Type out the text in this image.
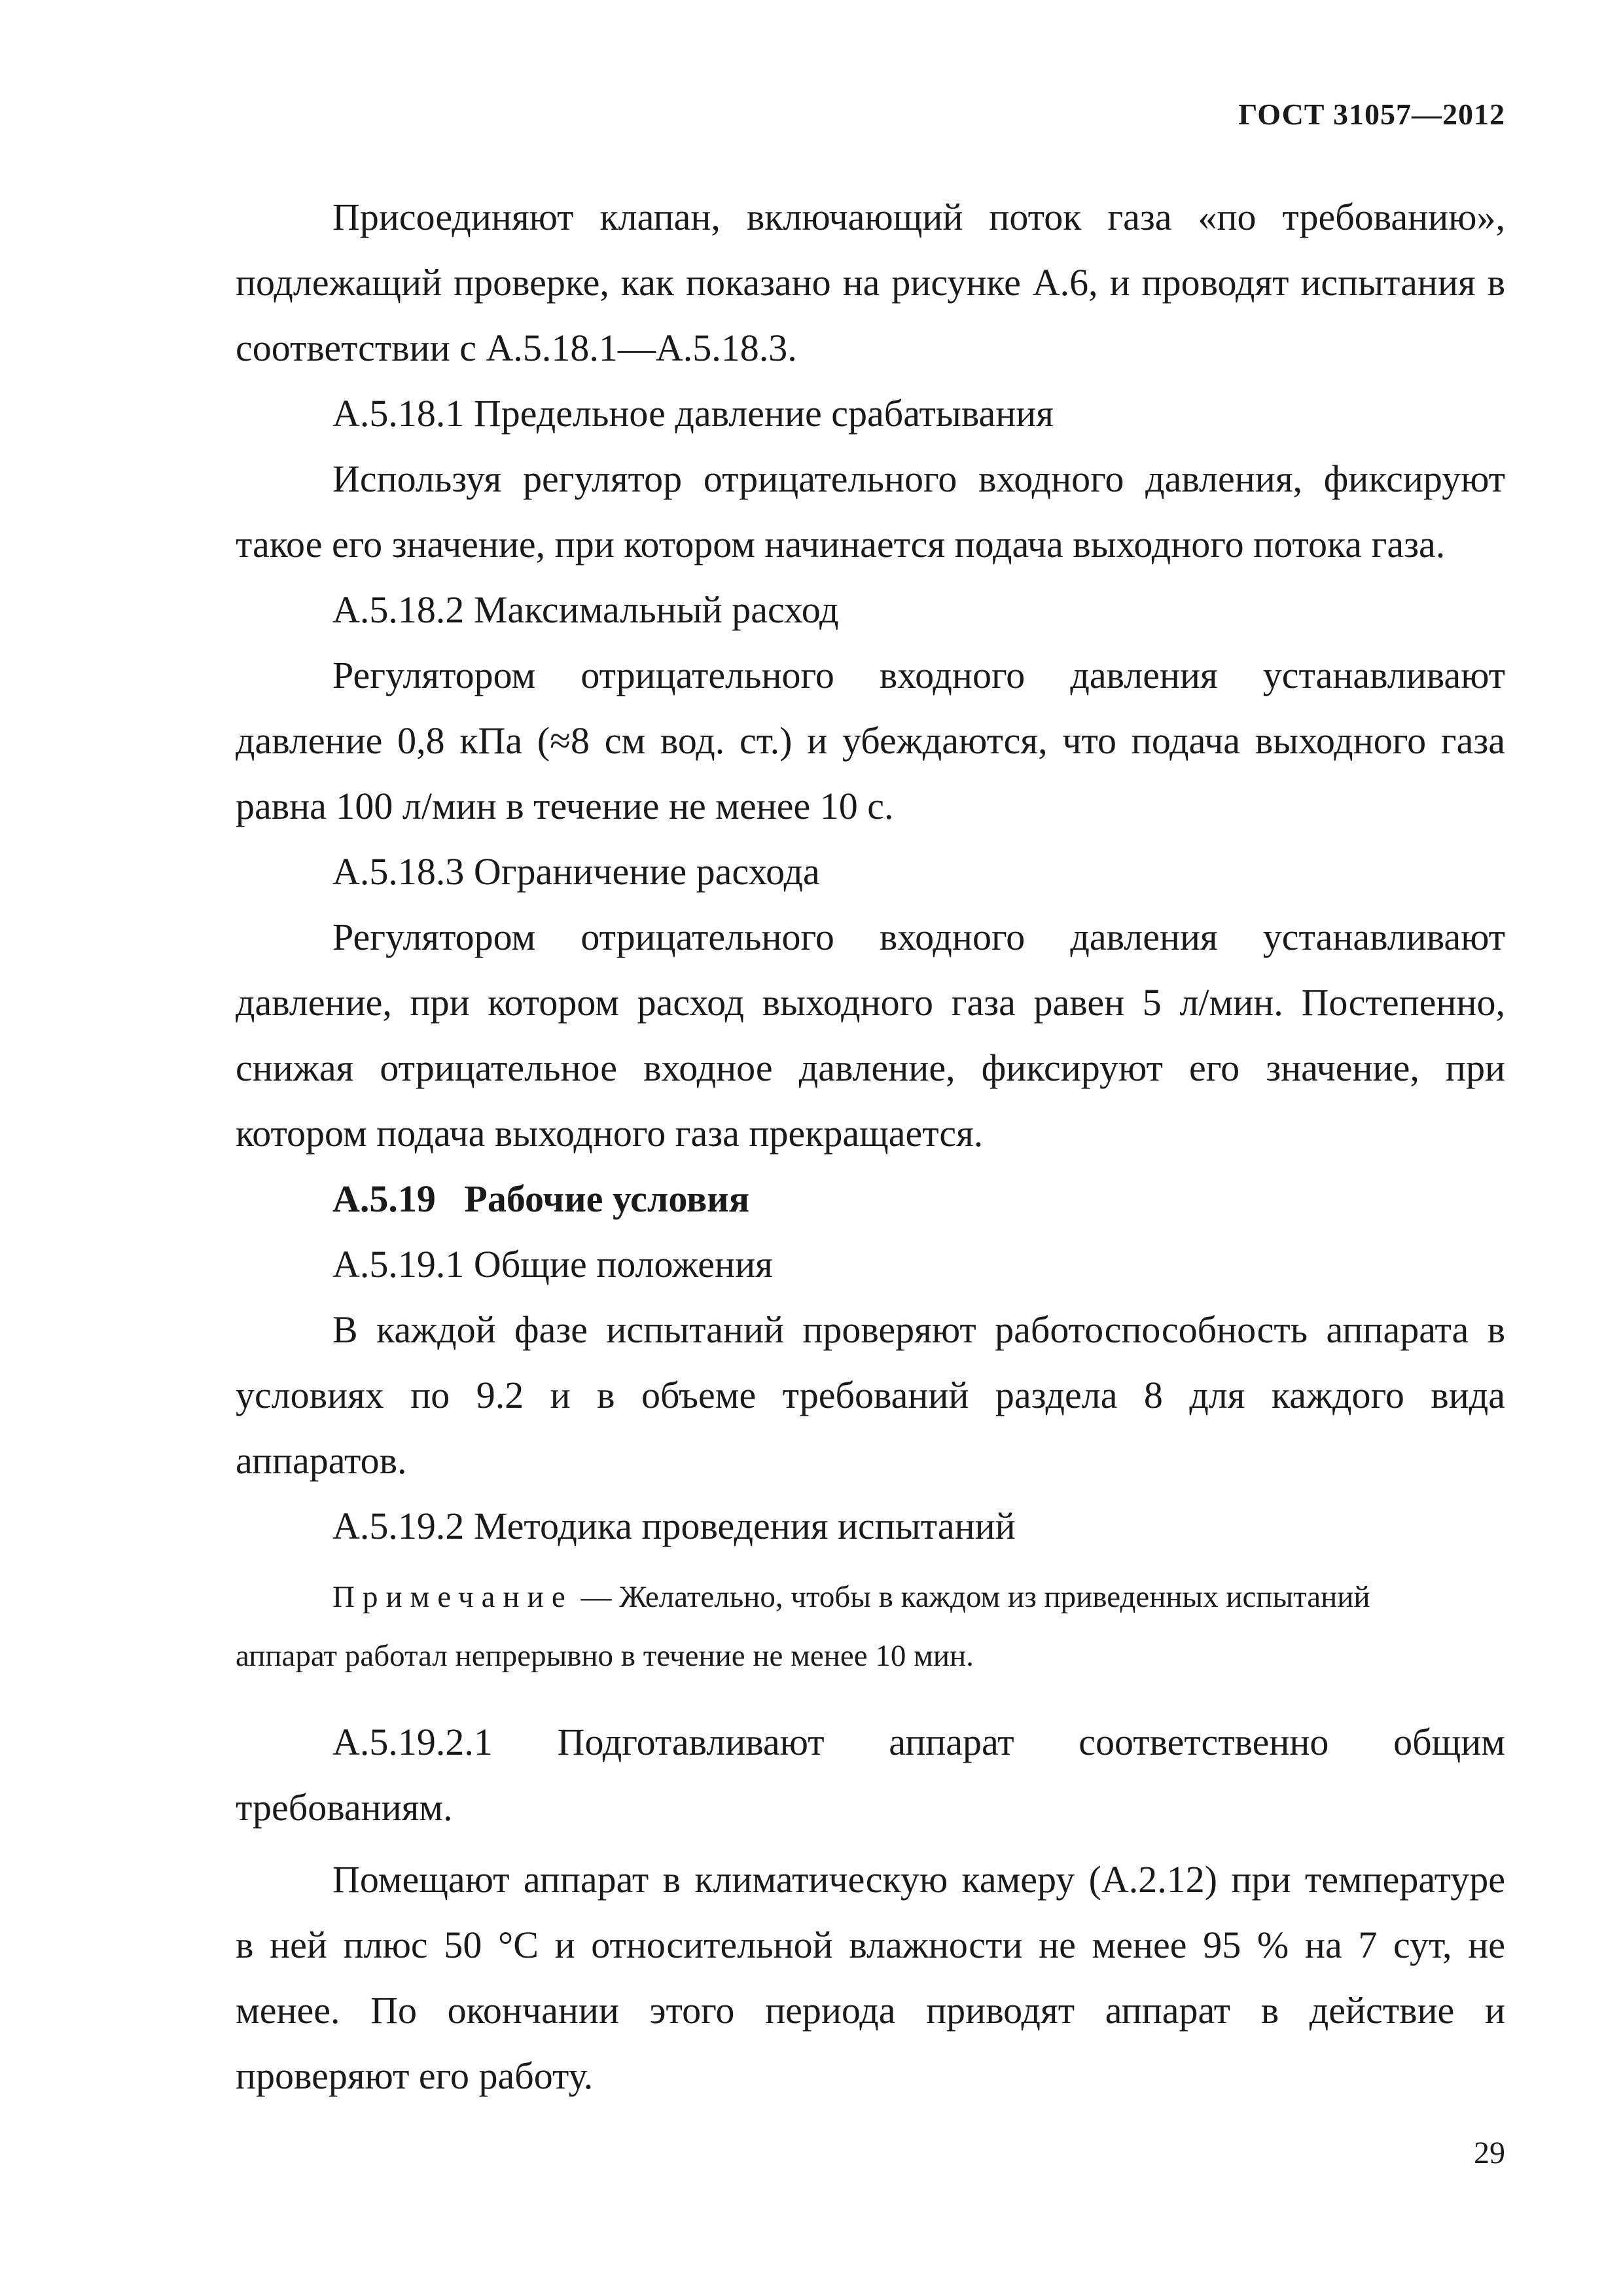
ГОСТ 31057—2012
Присоединяют клапан, включающий поток газа «по требованию»,
подлежащий проверке, как показано на рисунке А.6, и проводят испытания в
соответствии с А.5.18.1—А.5.18.3.
А.5.18.1 Предельное давление срабатывания
Используя регулятор отрицательного входного давления, фиксируют
такое его значение, при котором начинается подача выходного потока газа.
А.5.18.2 Максимальный расход
Регулятором отрицательного входного давления устанавливают
давление 0,8 кПа (≈8 см вод. ст.) и убеждаются, что подача выходного газа
равна 100 л/мин в течение не менее 10 с.
А.5.18.3 Ограничение расхода
Регулятором отрицательного входного давления устанавливают
давление, при котором расход выходного газа равен 5 л/мин. Постепенно,
снижая отрицательное входное давление, фиксируют его значение, при
котором подача выходного газа прекращается.
А.5.19   Рабочие условия
А.5.19.1 Общие положения
В каждой фазе испытаний проверяют работоспособность аппарата в
условиях по 9.2 и в объеме требований раздела 8 для каждого вида
аппаратов.
А.5.19.2 Методика проведения испытаний
Примечание — Желательно, чтобы в каждом из приведенных испытаний
аппарат работал непрерывно в течение не менее 10 мин.
А.5.19.2.1 Подготавливают аппарат соответственно общим
требованиям.
Помещают аппарат в климатическую камеру (А.2.12) при температуре
в ней плюс 50 °С и относительной влажности не менее 95 % на 7 сут, не
менее. По окончании этого периода приводят аппарат в действие и
проверяют его работу.
29
